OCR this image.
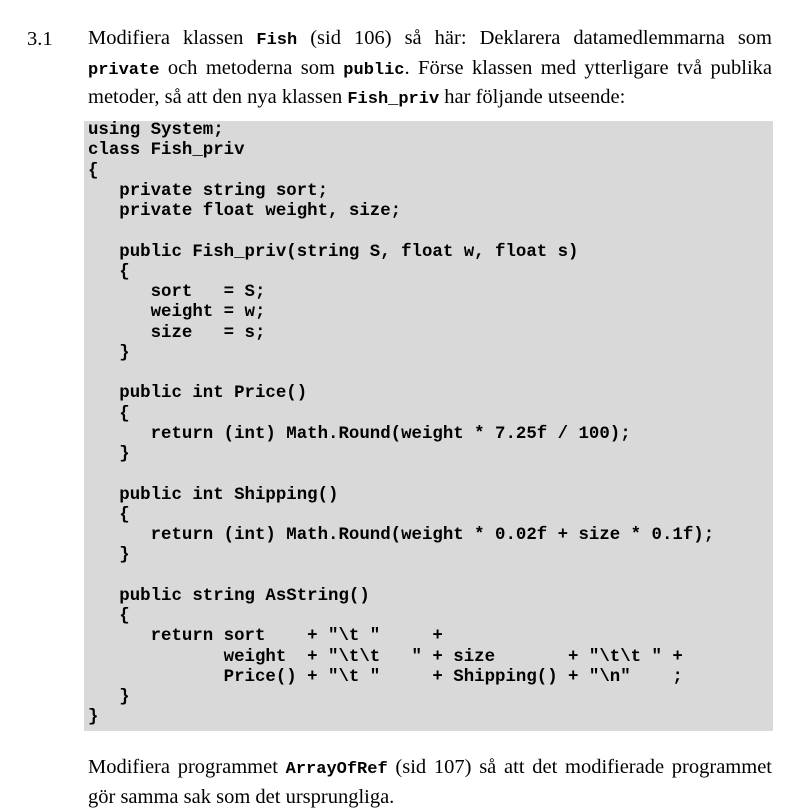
3.1 Modifiera klassen Fish (sid 106) så här: Deklarera datamedlemmarna som private och metoderna som public. Förse klassen med ytterligare två publika metoder, så att den nya klassen Fish_priv har följande utseende:
using System;
class Fish_priv
{
private string sort;
private float weight, size;

public Fish_priv(string S, float w, float s)
{
sort   = S;
weight = w;
size   = s;
}

public int Price()
{
return (int) Math.Round(weight * 7.25f / 100);
}

public int Shipping()
{
return (int) Math.Round(weight * 0.02f + size * 0.1f);
}

public string AsString()
{
return sort    + "\t "     +
weight  + "\t\t   " + size       + "\t\t " +
Price() + "\t "     + Shipping() + "\n"    ;
}
}
Modifiera programmet ArrayOfRef (sid 107) så att det modifierade programmet gör samma sak som det ursprungliga.
